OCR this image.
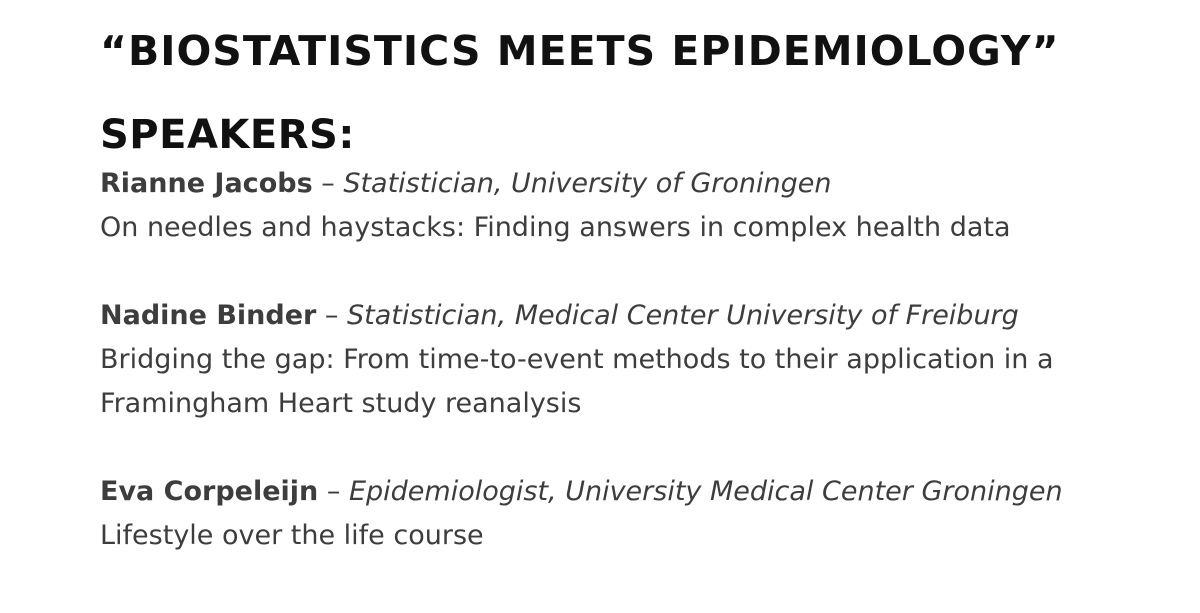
“BIOSTATISTICS MEETS EPIDEMIOLOGY”
SPEAKERS:
Rianne Jacobs – Statistician, University of Groningen
On needles and haystacks: Finding answers in complex health data
Nadine Binder – Statistician, Medical Center University of Freiburg
Bridging the gap: From time-to-event methods to their application in a
Framingham Heart study reanalysis
Eva Corpeleijn – Epidemiologist, University Medical Center Groningen
Lifestyle over the life course
